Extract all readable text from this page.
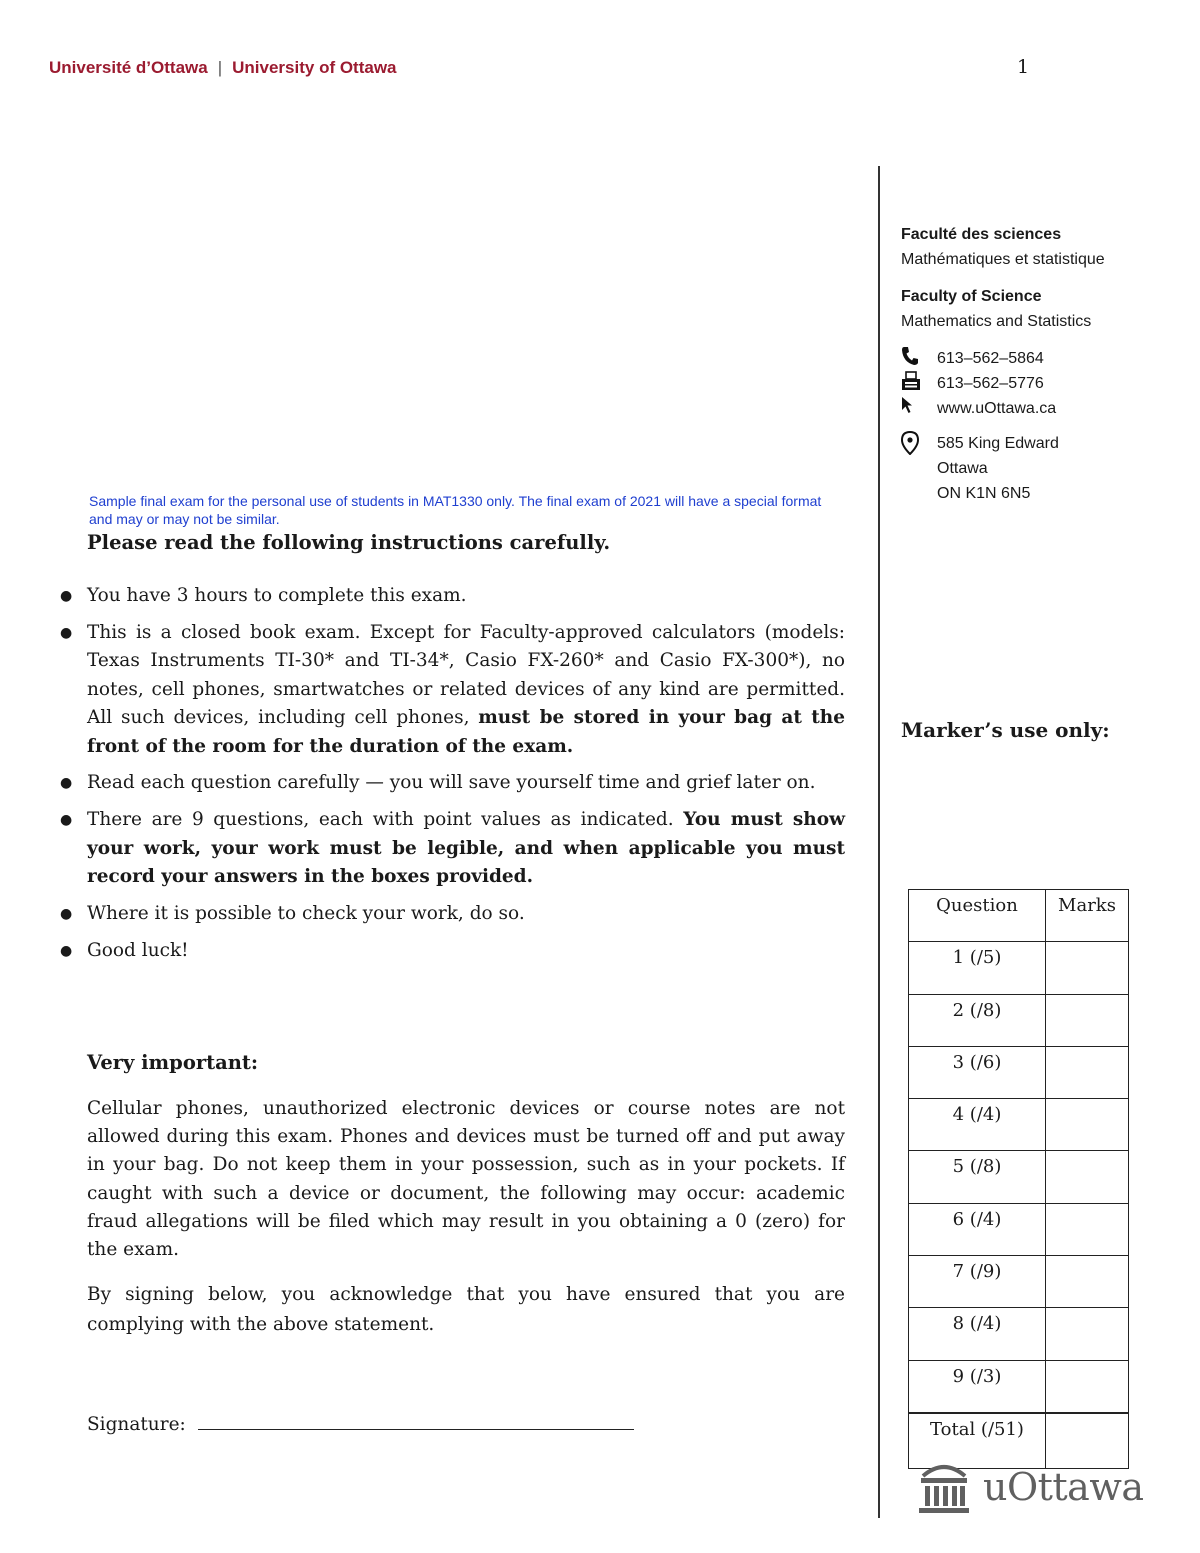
Université d’Ottawa | University of Ottawa	1
Faculté des sciences
Mathématiques et statistique
Faculty of Science
Mathematics and Statistics
613–562–5864
613–562–5776
www.uOttawa.ca
585 King Edward
Ottawa
ON K1N 6N5
Sample final exam for the personal use of students in MAT1330 only. The final exam of 2021 will have a special format and may or may not be similar.
Please read the following instructions carefully.
● You have 3 hours to complete this exam.
● This is a closed book exam. Except for Faculty-approved calculators (models: Texas Instruments TI-30* and TI-34*, Casio FX-260* and Casio FX-300*), no notes, cell phones, smartwatches or related devices of any kind are permitted. All such devices, including cell phones, must be stored in your bag at the front of the room for the duration of the exam.
● Read each question carefully — you will save yourself time and grief later on.
● There are 9 questions, each with point values as indicated. You must show your work, your work must be legible, and when applicable you must record your answers in the boxes provided.
● Where it is possible to check your work, do so.
● Good luck!
Very important:
Cellular phones, unauthorized electronic devices or course notes are not allowed during this exam. Phones and devices must be turned off and put away in your bag. Do not keep them in your possession, such as in your pockets. If caught with such a device or document, the following may occur: academic fraud allegations will be filed which may result in you obtaining a 0 (zero) for the exam.
By signing below, you acknowledge that you have ensured that you are complying with the above statement.
Signature:
Marker’s use only:
Question	Marks
1 (/5)	
2 (/8)	
3 (/6)	
4 (/4)	
5 (/8)	
6 (/4)	
7 (/9)	
8 (/4)	
9 (/3)	
Total (/51)	
uOttawa
